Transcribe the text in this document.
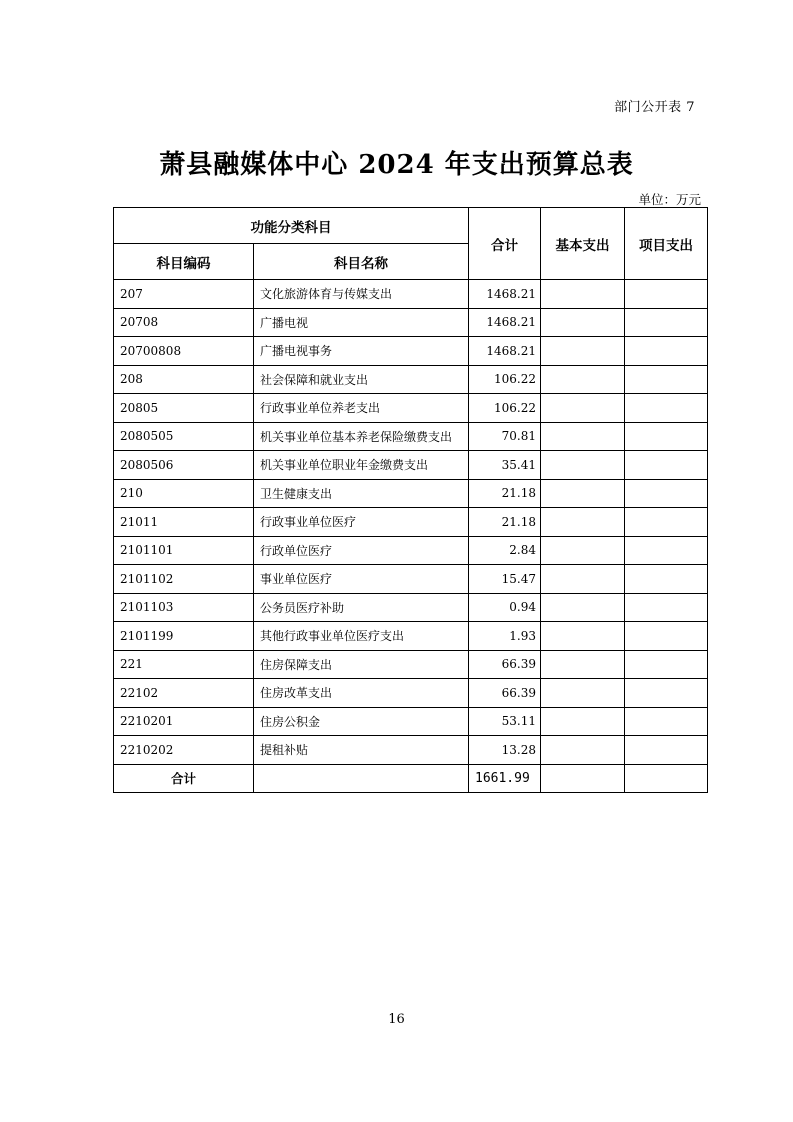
部门公开表 7
萧县融媒体中心 2024 年支出预算总表
单位：万元
功能分类科目		合计	基本支出	项目支出
科目编码	科目名称			
207	文化旅游体育与传媒支出	1468.21		
20708	广播电视	1468.21		
20700808	广播电视事务	1468.21		
208	社会保障和就业支出	106.22		
20805	行政事业单位养老支出	106.22		
2080505	机关事业单位基本养老保险缴费支出	70.81		
2080506	机关事业单位职业年金缴费支出	35.41		
210	卫生健康支出	21.18		
21011	行政事业单位医疗	21.18		
2101101	行政单位医疗	2.84		
2101102	事业单位医疗	15.47		
2101103	公务员医疗补助	0.94		
2101199	其他行政事业单位医疗支出	1.93		
221	住房保障支出	66.39		
22102	住房改革支出	66.39		
2210201	住房公积金	53.11		
2210202	提租补贴	13.28		
合计		1661.99		
16
